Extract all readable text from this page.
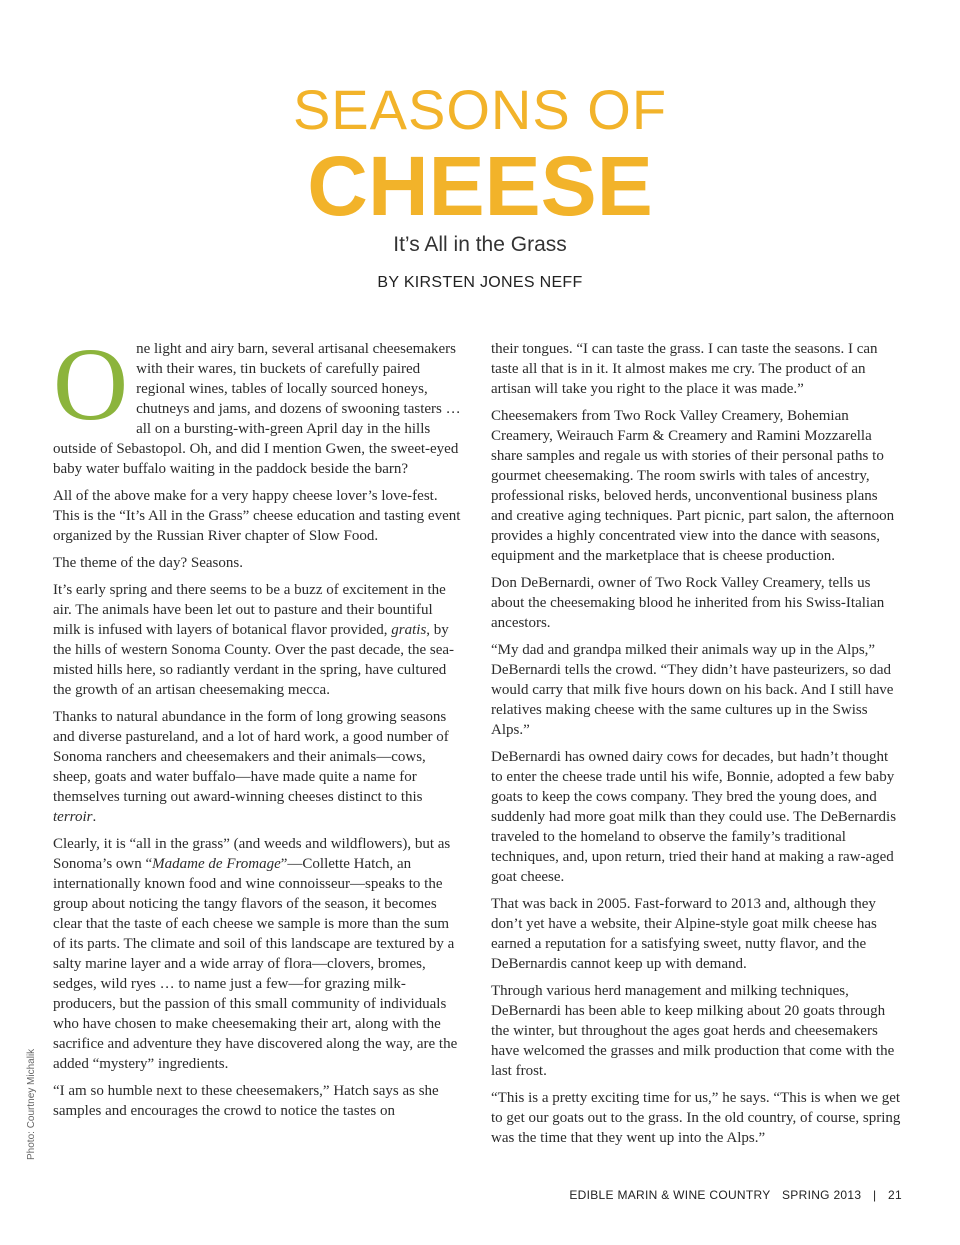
SEASONS OF
CHEESE
It’s All in the Grass
BY KIRSTEN JONES NEFF

One light and airy barn, several artisanal cheesemakers with their wares, tin buckets of carefully paired regional wines, tables of locally sourced honeys, chutneys and jams, and dozens of swooning tasters … all on a bursting-with-green April day in the hills outside of Sebastopol. Oh, and did I mention Gwen, the sweet-eyed baby water buffalo waiting in the paddock beside the barn?

All of the above make for a very happy cheese lover’s love-fest. This is the “It’s All in the Grass” cheese education and tasting event organized by the Russian River chapter of Slow Food.

The theme of the day? Seasons.

It’s early spring and there seems to be a buzz of excitement in the air. The animals have been let out to pasture and their bountiful milk is infused with layers of botanical flavor provided, gratis, by the hills of western Sonoma County. Over the past decade, the sea-misted hills here, so radiantly verdant in the spring, have cultured the growth of an artisan cheesemaking mecca.

Thanks to natural abundance in the form of long growing seasons and diverse pastureland, and a lot of hard work, a good number of Sonoma ranchers and cheesemakers and their animals—cows, sheep, goats and water buffalo—have made quite a name for themselves turning out award-winning cheeses distinct to this terroir.

Clearly, it is “all in the grass” (and weeds and wildflowers), but as Sonoma’s own “Madame de Fromage”—Collette Hatch, an internationally known food and wine connoisseur—speaks to the group about noticing the tangy flavors of the season, it becomes clear that the taste of each cheese we sample is more than the sum of its parts. The climate and soil of this landscape are textured by a salty marine layer and a wide array of flora—clovers, bromes, sedges, wild ryes … to name just a few—for grazing milk-producers, but the passion of this small community of individuals who have chosen to make cheesemaking their art, along with the sacrifice and adventure they have discovered along the way, are the added “mystery” ingredients.

“I am so humble next to these cheesemakers,” Hatch says as she samples and encourages the crowd to notice the tastes on

their tongues. “I can taste the grass. I can taste the seasons. I can taste all that is in it. It almost makes me cry. The product of an artisan will take you right to the place it was made.”

Cheesemakers from Two Rock Valley Creamery, Bohemian Creamery, Weirauch Farm & Creamery and Ramini Mozzarella share samples and regale us with stories of their personal paths to gourmet cheesemaking. The room swirls with tales of ancestry, professional risks, beloved herds, unconventional business plans and creative aging techniques. Part picnic, part salon, the afternoon provides a highly concentrated view into the dance with seasons, equipment and the marketplace that is cheese production.

Don DeBernardi, owner of Two Rock Valley Creamery, tells us about the cheesemaking blood he inherited from his Swiss-Italian ancestors.

“My dad and grandpa milked their animals way up in the Alps,” DeBernardi tells the crowd. “They didn’t have pasteurizers, so dad would carry that milk five hours down on his back. And I still have relatives making cheese with the same cultures up in the Swiss Alps.”

DeBernardi has owned dairy cows for decades, but hadn’t thought to enter the cheese trade until his wife, Bonnie, adopted a few baby goats to keep the cows company. They bred the young does, and suddenly had more goat milk than they could use. The DeBernardis traveled to the homeland to observe the family’s traditional techniques, and, upon return, tried their hand at making a raw-aged goat cheese.

That was back in 2005. Fast-forward to 2013 and, although they don’t yet have a website, their Alpine-style goat milk cheese has earned a reputation for a satisfying sweet, nutty flavor, and the DeBernardis cannot keep up with demand.

Through various herd management and milking techniques, DeBernardi has been able to keep milking about 20 goats through the winter, but throughout the ages goat herds and cheesemakers have welcomed the grasses and milk production that come with the last frost.

“This is a pretty exciting time for us,” he says. “This is when we get to get our goats out to the grass. In the old country, of course, spring was the time that they went up into the Alps.”

Photo: Courtney Michalik
EDIBLE MARIN & WINE COUNTRY SPRING 2013 | 21
